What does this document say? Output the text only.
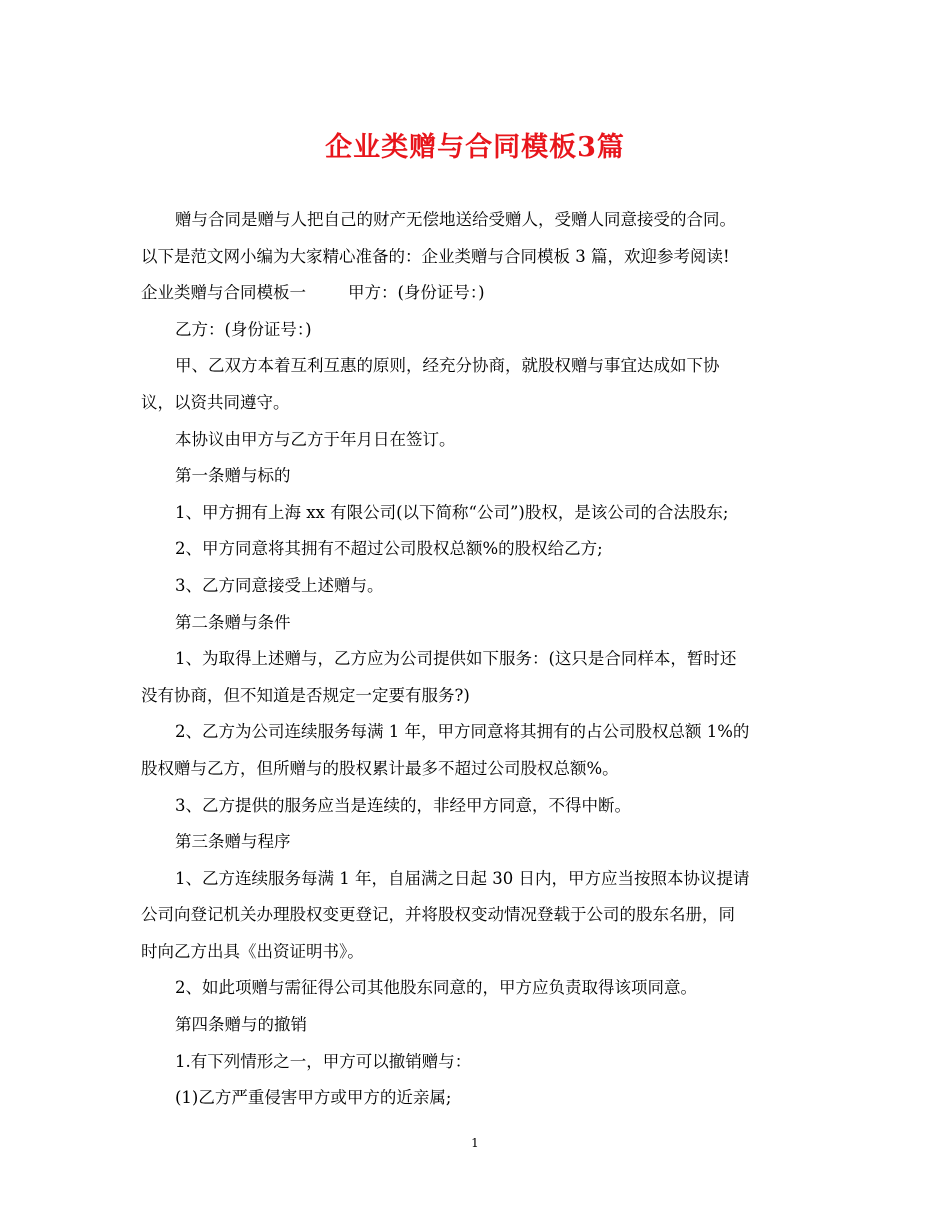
企业类赠与合同模板3篇

赠与合同是赠与人把自己的财产无偿地送给受赠人，受赠人同意接受的合同。

以下是范文网小编为大家精心准备的：企业类赠与合同模板 3 篇，欢迎参考阅读!

企业类赠与合同模板一        甲方：(身份证号：)

乙方：(身份证号：)

甲、乙双方本着互利互惠的原则，经充分协商，就股权赠与事宜达成如下协

议，以资共同遵守。

本协议由甲方与乙方于年月日在签订。

第一条赠与标的

1、甲方拥有上海 xx 有限公司(以下简称“公司”)股权，是该公司的合法股东;

2、甲方同意将其拥有不超过公司股权总额%的股权给乙方;

3、乙方同意接受上述赠与。

第二条赠与条件

1、为取得上述赠与，乙方应为公司提供如下服务：(这只是合同样本，暂时还

没有协商，但不知道是否规定一定要有服务?)

2、乙方为公司连续服务每满 1 年，甲方同意将其拥有的占公司股权总额 1%的

股权赠与乙方，但所赠与的股权累计最多不超过公司股权总额%。

3、乙方提供的服务应当是连续的，非经甲方同意，不得中断。

第三条赠与程序

1、乙方连续服务每满 1 年，自届满之日起 30 日内，甲方应当按照本协议提请

公司向登记机关办理股权变更登记，并将股权变动情况登载于公司的股东名册，同

时向乙方出具《出资证明书》。

2、如此项赠与需征得公司其他股东同意的，甲方应负责取得该项同意。

第四条赠与的撤销

1.有下列情形之一，甲方可以撤销赠与：

(1)乙方严重侵害甲方或甲方的近亲属;

1
